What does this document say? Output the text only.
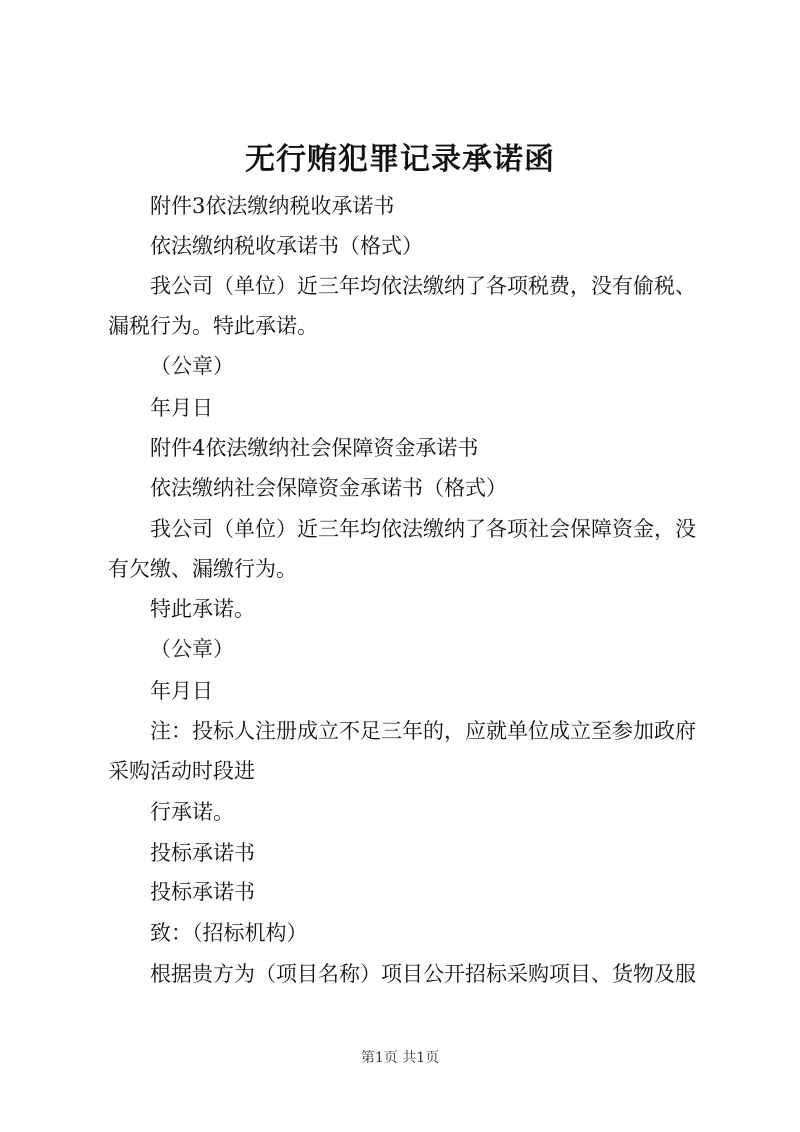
无行贿犯罪记录承诺函
附件3依法缴纳税收承诺书
依法缴纳税收承诺书（格式）
我公司（单位）近三年均依法缴纳了各项税费，没有偷税、
漏税行为。特此承诺。
（公章）
年月日
附件4依法缴纳社会保障资金承诺书
依法缴纳社会保障资金承诺书（格式）
我公司（单位）近三年均依法缴纳了各项社会保障资金，没
有欠缴、漏缴行为。
特此承诺。
（公章）
年月日
注：投标人注册成立不足三年的，应就单位成立至参加政府
采购活动时段进
行承诺。
投标承诺书
投标承诺书
致：（招标机构）
根据贵方为（项目名称）项目公开招标采购项目、货物及服
第1页 共1页
